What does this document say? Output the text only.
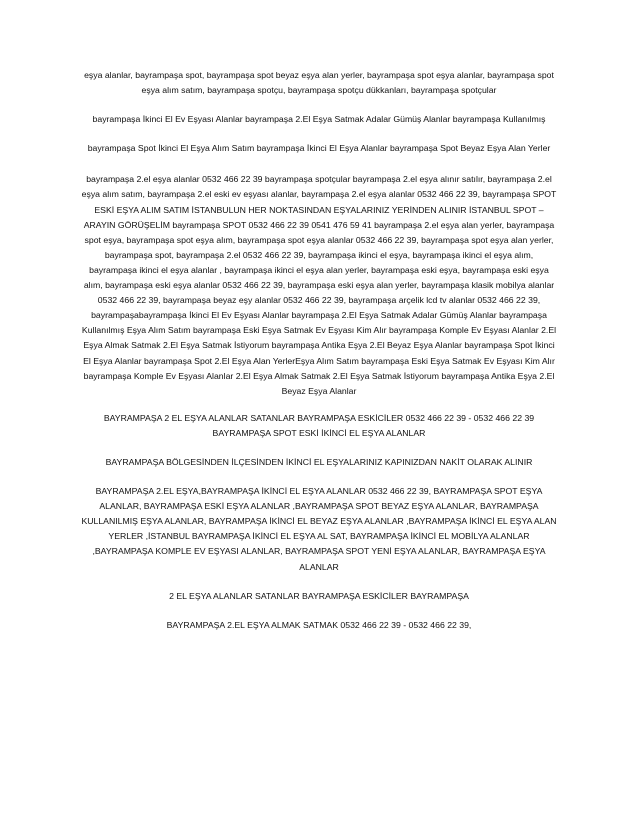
eşya alanlar, bayrampaşa spot, bayrampaşa spot beyaz eşya alan yerler, bayrampaşa spot eşya alanlar, bayrampaşa spot eşya alım satım, bayrampaşa spotçu, bayrampaşa spotçu dükkanları, bayrampaşa spotçular

bayrampaşa İkinci El Ev Eşyası Alanlar bayrampaşa 2.El Eşya Satmak Adalar Gümüş Alanlar bayrampaşa Kullanılmış

bayrampaşa Spot İkinci El Eşya Alım Satım bayrampaşa İkinci El Eşya Alanlar bayrampaşa Spot Beyaz Eşya Alan Yerler

bayrampaşa 2.el eşya alanlar 0532 466 22 39 bayrampaşa spotçular bayrampaşa 2.el eşya alınır satılır, bayrampaşa 2.el eşya alım satım, bayrampaşa 2.el eski ev eşyası alanlar, bayrampaşa 2.el eşya alanlar 0532 466 22 39, bayrampaşa SPOT ESKİ EŞYA ALIM SATIM İSTANBULUN HER NOKTASINDAN EŞYALARINIZ YERİNDEN ALINIR İSTANBUL SPOT – ARAYIN GÖRÜŞELİM bayrampaşa SPOT 0532 466 22 39 0541 476 59 41 bayrampaşa 2.el eşya alan yerler, bayrampaşa spot eşya, bayrampaşa spot eşya alım, bayrampaşa spot eşya alanlar 0532 466 22 39, bayrampaşa spot eşya alan yerler, bayrampaşa spot, bayrampaşa 2.el 0532 466 22 39, bayrampaşa ikinci el eşya, bayrampaşa ikinci el eşya alım, bayrampaşa ikinci el eşya alanlar , bayrampaşa ikinci el eşya alan yerler, bayrampaşa eski eşya, bayrampaşa eski eşya alım, bayrampaşa eski eşya alanlar 0532 466 22 39, bayrampaşa eski eşya alan yerler, bayrampaşa klasik mobilya alanlar 0532 466 22 39, bayrampaşa beyaz eşy alanlar 0532 466 22 39, bayrampaşa arçelik lcd tv alanlar 0532 466 22 39, bayrampaşabayrampaşa İkinci El Ev Eşyası Alanlar bayrampaşa 2.El Eşya Satmak Adalar Gümüş Alanlar bayrampaşa Kullanılmış Eşya Alım Satım bayrampaşa Eski Eşya Satmak Ev Eşyası Kim Alır bayrampaşa Komple Ev Eşyası Alanlar 2.El Eşya Almak Satmak 2.El Eşya Satmak İstiyorum bayrampaşa Antika Eşya 2.El Beyaz Eşya Alanlar bayrampaşa Spot İkinci El Eşya Alanlar bayrampaşa Spot 2.El Eşya Alan YerlerEşya Alım Satım bayrampaşa Eski Eşya Satmak Ev Eşyası Kim Alır bayrampaşa Komple Ev Eşyası Alanlar 2.El Eşya Almak Satmak 2.El Eşya Satmak İstiyorum bayrampaşa Antika Eşya 2.El Beyaz Eşya Alanlar

BAYRAMPAŞA 2 EL EŞYA ALANLAR SATANLAR BAYRAMPAŞA ESKİCİLER 0532 466 22 39 - 0532 466 22 39 BAYRAMPAŞA SPOT ESKİ İKİNCİ EL EŞYA ALANLAR

BAYRAMPAŞA BÖLGESİNDEN İLÇESİNDEN İKİNCİ EL EŞYALARINIZ KAPINIZDAN NAKİT OLARAK ALINIR

BAYRAMPAŞA 2.EL EŞYA,BAYRAMPAŞA İKİNCİ EL EŞYA ALANLAR 0532 466 22 39, BAYRAMPAŞA SPOT EŞYA ALANLAR, BAYRAMPAŞA ESKİ EŞYA ALANLAR ,BAYRAMPAŞA SPOT BEYAZ EŞYA ALANLAR, BAYRAMPAŞA KULLANILMIŞ EŞYA ALANLAR, BAYRAMPAŞA İKİNCİ EL BEYAZ EŞYA ALANLAR ,BAYRAMPAŞA İKİNCİ EL EŞYA ALAN YERLER ,İSTANBUL BAYRAMPAŞA İKİNCİ EL EŞYA AL SAT, BAYRAMPAŞA İKİNCİ EL MOBİLYA ALANLAR ,BAYRAMPAŞA KOMPLE EV EŞYASI ALANLAR, BAYRAMPAŞA SPOT YENİ EŞYA ALANLAR, BAYRAMPAŞA EŞYA ALANLAR

2 EL EŞYA ALANLAR SATANLAR BAYRAMPAŞA ESKİCİLER BAYRAMPAŞA

BAYRAMPAŞA 2.EL EŞYA ALMAK SATMAK 0532 466 22 39 - 0532 466 22 39,
